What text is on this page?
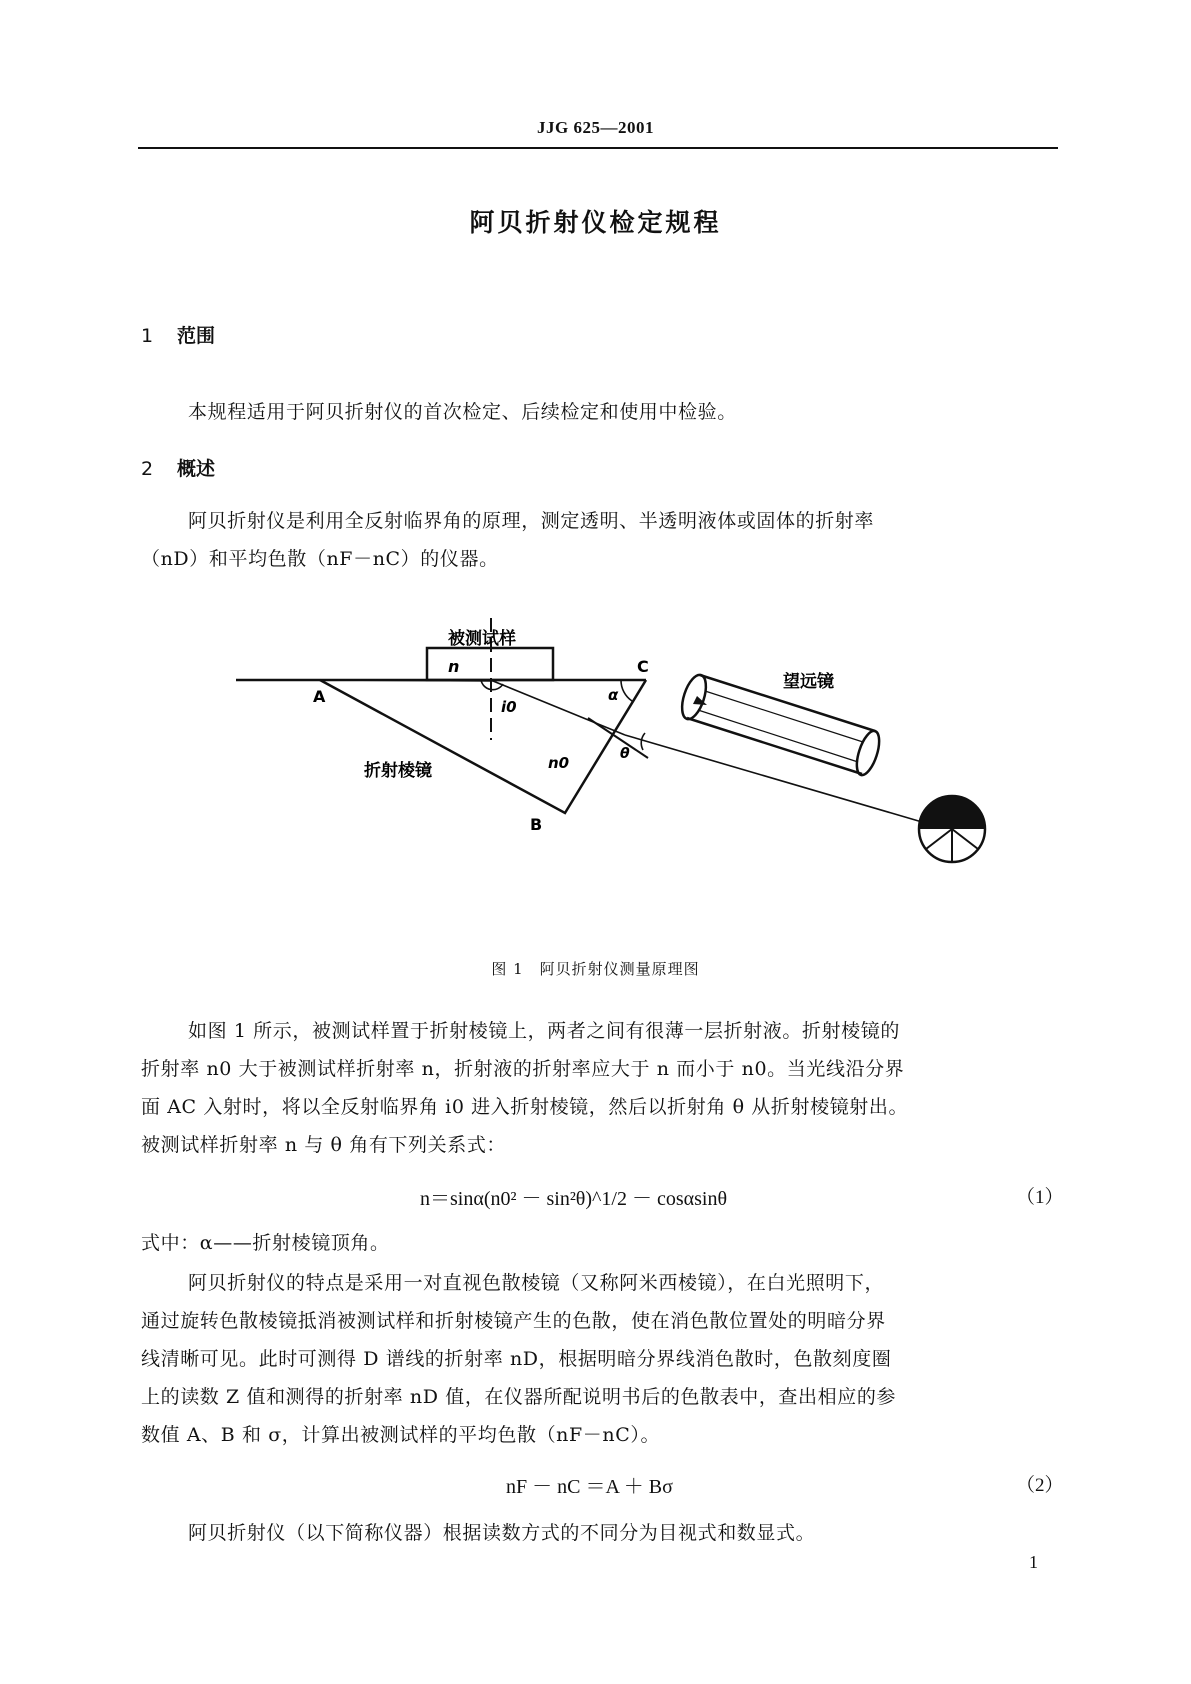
JJG 625—2001
阿贝折射仪检定规程
1 范围
本规程适用于阿贝折射仪的首次检定、后续检定和使用中检验。
2 概述
阿贝折射仪是利用全反射临界角的原理，测定透明、半透明液体或固体的折射率
（nD）和平均色散（nF－nC）的仪器。
被测试样
n
A
C
B
α
i0
θ
折射棱镜	n0
望远镜
图 1　阿贝折射仪测量原理图
如图 1 所示，被测试样置于折射棱镜上，两者之间有很薄一层折射液。折射棱镜的
折射率 n0 大于被测试样折射率 n，折射液的折射率应大于 n 而小于 n0。当光线沿分界
面 AC 入射时，将以全反射临界角 i0 进入折射棱镜，然后以折射角 θ 从折射棱镜射出。
被测试样折射率 n 与 θ 角有下列关系式：
n＝sinα(n0² － sin²θ)^1/2 － cosαsinθ	（1）
式中：α——折射棱镜顶角。
阿贝折射仪的特点是采用一对直视色散棱镜（又称阿米西棱镜），在白光照明下，
通过旋转色散棱镜抵消被测试样和折射棱镜产生的色散，使在消色散位置处的明暗分界
线清晰可见。此时可测得 D 谱线的折射率 nD，根据明暗分界线消色散时，色散刻度圈
上的读数 Z 值和测得的折射率 nD 值，在仪器所配说明书后的色散表中，查出相应的参
数值 A、B 和 σ，计算出被测试样的平均色散（nF－nC）。
nF － nC ＝A ＋ Bσ	（2）
阿贝折射仪（以下简称仪器）根据读数方式的不同分为目视式和数显式。
1
